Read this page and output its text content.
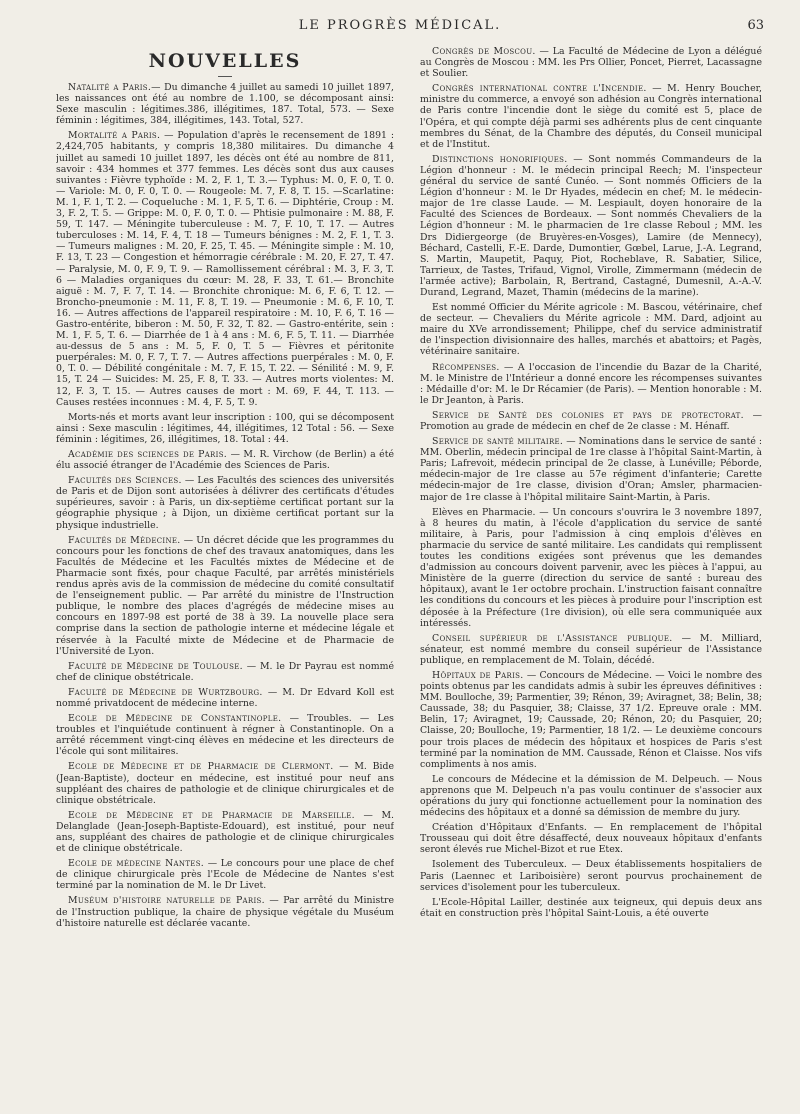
LE PROGRÈS MÉDICAL.	63
NOUVELLES

Natalité a Paris.— Du dimanche 4 juillet au samedi 10 juillet 1897, les naissances ont été au nombre de 1.100, se décomposant ainsi: Sexe masculin : légitimes.386, illégitimes, 187. Total, 573. — Sexe féminin : légitimes, 384, illégitimes, 143. Total, 527.

Mortalité a Paris. — Population d'après le recensement de 1891 : 2,424,705 habitants, y compris 18,380 militaires. Du dimanche 4 juillet au samedi 10 juillet 1897, les décès ont été au nombre de 811, savoir : 434 hommes et 377 femmes. Les décès sont dus aux causes suivantes : Fièvre typhoïde : M. 2, F. 1, T. 3.— Typhus: M. 0, F. 0, T. 0.— Variole: M. 0, F. 0, T. 0. — Rougeole: M. 7, F. 8, T. 15. —Scarlatine: M. 1, F. 1, T. 2. — Coqueluche : M. 1, F. 5, T. 6. — Diphtérie, Croup : M. 3, F. 2, T. 5. — Grippe: M. 0, F. 0, T. 0. — Phtisie pulmonaire : M. 88, F. 59, T. 147. — Méningite tuberculeuse : M. 7, F. 10, T. 17. — Autres tuberculoses : M. 14, F. 4, T. 18 — Tumeurs bénignes : M. 2, F. 1, T. 3. — Tumeurs malignes : M. 20, F. 25, T. 45. — Méningite simple : M. 10, F. 13, T. 23 — Congestion et hémorragie cérébrale : M. 20, F. 27, T. 47. — Paralysie, M. 0, F. 9, T. 9. — Ramollissement cérébral : M. 3, F. 3, T. 6 — Maladies organiques du cœur: M. 28, F. 33, T. 61.— Bronchite aiguë : M. 7, F. 7, T. 14. — Bronchite chronique: M. 6, F. 6, T. 12. — Broncho-pneumonie : M. 11, F. 8, T. 19. — Pneumonie : M. 6, F. 10, T. 16. — Autres affections de l'appareil respiratoire : M. 10, F. 6, T. 16 — Gastro-entérite, biberon : M. 50, F. 32, T. 82. — Gastro-entérite, sein : M. 1, F. 5, T. 6. — Diarrhée de 1 à 4 ans : M. 6, F. 5, T. 11. — Diarrhée au-dessus de 5 ans : M. 5, F. 0, T. 5 — Fièvres et péritonite puerpérales: M. 0, F. 7, T. 7. — Autres affections puerpérales : M. 0, F. 0, T. 0. — Débilité congénitale : M. 7, F. 15, T. 22. — Sénilité : M. 9, F. 15, T. 24 — Suicides: M. 25, F. 8, T. 33. — Autres morts violentes: M. 12, F. 3, T. 15. — Autres causes de mort : M. 69, F. 44, T. 113. — Causes restées inconnues : M. 4, F. 5, T. 9.

Morts-nés et morts avant leur inscription : 100, qui se décomposent ainsi : Sexe masculin : légitimes, 44, illégitimes, 12 Total : 56. — Sexe féminin : légitimes, 26, illégitimes, 18. Total : 44.

Académie des sciences de Paris. — M. R. Virchow (de Berlin) a été élu associé étranger de l'Académie des Sciences de Paris.

Facultés des Sciences. — Les Facultés des sciences des universités de Paris et de Dijon sont autorisées à délivrer des certificats d'études supérieures, savoir : à Paris, un dix-septième certificat portant sur la géographie physique ; à Dijon, un dixième certificat portant sur la physique industrielle.

Facultés de Médecine. — Un décret décide que les programmes du concours pour les fonctions de chef des travaux anatomiques, dans les Facultés de Médecine et les Facultés mixtes de Médecine et de Pharmacie sont fixés, pour chaque Faculté, par arrêtés ministériels rendus après avis de la commission de médecine du comité consultatif de l'enseignement public. — Par arrêté du ministre de l'Instruction publique, le nombre des places d'agrégés de médecine mises au concours en 1897-98 est porté de 38 à 39. La nouvelle place sera comprise dans la section de pathologie interne et médecine légale et réservée à la Faculté mixte de Médecine et de Pharmacie de l'Université de Lyon.

Faculté de Médecine de Toulouse. — M. le Dr Payrau est nommé chef de clinique obstétricale.

Faculté de Médecine de Wurtzbourg. — M. Dr Edvard Koll est nommé privatdocent de médecine interne.

Ecole de Médecine de Constantinople. — Troubles. — Les troubles et l'inquiétude continuent à régner à Constantinople. On a arrêté récemment vingt-cinq élèves en médecine et les directeurs de l'école qui sont militaires.

Ecole de Médecine et de Pharmacie de Clermont. — M. Bide (Jean-Baptiste), docteur en médecine, est institué pour neuf ans suppléant des chaires de pathologie et de clinique chirurgicales et de clinique obstétricale.

Ecole de Médecine et de Pharmacie de Marseille. — M. Delanglade (Jean-Joseph-Baptiste-Edouard), est institué, pour neuf ans, suppléant des chaires de pathologie et de clinique chirurgicales et de clinique obstétricale.

Ecole de médecine Nantes. — Le concours pour une place de chef de clinique chirurgicale près l'Ecole de Médecine de Nantes s'est terminé par la nomination de M. le Dr Livet.

Muséum d'histoire naturelle de Paris. — Par arrêté du Ministre de l'Instruction publique, la chaire de physique végétale du Muséum d'histoire naturelle est déclarée vacante.

Congrès de Moscou. — La Faculté de Médecine de Lyon a délégué au Congrès de Moscou : MM. les Prs Ollier, Poncet, Pierret, Lacassagne et Soulier.

Congrès international contre l'Incendie. — M. Henry Boucher, ministre du commerce, a envoyé son adhésion au Congrès international de Paris contre l'incendie dont le siège du comité est 5, place de l'Opéra, et qui compte déjà parmi ses adhérents plus de cent cinquante membres du Sénat, de la Chambre des députés, du Conseil municipal et de l'Institut.

Distinctions honorifiques. — Sont nommés Commandeurs de la Légion d'honneur : M. le médecin principal Reech; M. l'inspecteur général du service de santé Cunéo. — Sont nommés Officiers de la Légion d'honneur : M. le Dr Hyades, médecin en chef; M. le médecin-major de 1re classe Laude. — M. Lespiault, doyen honoraire de la Faculté des Sciences de Bordeaux. — Sont nommés Chevaliers de la Légion d'honneur : M. le pharmacien de 1re classe Reboul ; MM. les Drs Didiergeorge (de Bruyères-en-Vosges), Lamire (de Mennecy), Béchard, Castelli, F.-E. Darde, Dumontier, Gœbel, Larue, J.-A. Legrand, S. Martin, Maupetit, Paquy, Piot, Rocheblave, R. Sabatier, Silice, Tarrieux, de Tastes, Trifaud, Vignol, Virolle, Zimmermann (médecin de l'armée active); Barbolain, R, Bertrand, Castagné, Dumesnil, A.-A.-V. Durand, Legrand, Mazet, Thamin (médecins de la marine).

Est nommé Officier du Mérite agricole : M. Bascou, vétérinaire, chef de secteur. — Chevaliers du Mérite agricole : MM. Dard, adjoint au maire du XVe arrondissement; Philippe, chef du service administratif de l'inspection divisionnaire des halles, marchés et abattoirs; et Pagès, vétérinaire sanitaire.

Récompenses. — A l'occasion de l'incendie du Bazar de la Charité, M. le Ministre de l'Intérieur a donné encore les récompenses suivantes : Médaille d'or: M. le Dr Récamier (de Paris). — Mention honorable : M. le Dr Jeanton, à Paris.

Service de Santé des colonies et pays de protectorat. — Promotion au grade de médecin en chef de 2e classe : M. Hénaff.

Service de santé militaire. — Nominations dans le service de santé : MM. Oberlin, médecin principal de 1re classe à l'hôpital Saint-Martin, à Paris; Lafrevoit, médecin principal de 2e classe, à Lunéville; Péborde, médecin-major de 1re classe au 57e régiment d'infanterie; Carette médecin-major de 1re classe, division d'Oran; Amsler, pharmacien-major de 1re classe à l'hôpital militaire Saint-Martin, à Paris.

Elèves en Pharmacie. — Un concours s'ouvrira le 3 novembre 1897, à 8 heures du matin, à l'école d'application du service de santé militaire, à Paris, pour l'admission à cinq emplois d'élèves en pharmacie du service de santé militaire. Les candidats qui remplissent toutes les conditions exigées sont prévenus que les demandes d'admission au concours doivent parvenir, avec les pièces à l'appui, au Ministère de la guerre (direction du service de santé : bureau des hôpitaux), avant le 1er octobre prochain. L'instruction faisant connaître les conditions du concours et les pièces à produire pour l'inscription est déposée à la Préfecture (1re division), où elle sera communiquée aux intéressés.

Conseil supérieur de l'Assistance publique. — M. Milliard, sénateur, est nommé membre du conseil supérieur de l'Assistance publique, en remplacement de M. Tolain, décédé.

Hôpitaux de Paris. — Concours de Médecine. — Voici le nombre des points obtenus par les candidats admis à subir les épreuves définitives : MM. Boulloche, 39; Parmentier, 39; Rénon, 39; Aviragnet, 38; Belin, 38; Caussade, 38; du Pasquier, 38; Claisse, 37 1/2. Epreuve orale : MM. Belin, 17; Aviragnet, 19; Caussade, 20; Rénon, 20; du Pasquier, 20; Claisse, 20; Boulloche, 19; Parmentier, 18 1/2. — Le deuxième concours pour trois places de médecin des hôpitaux et hospices de Paris s'est terminé par la nomination de MM. Caussade, Rénon et Claisse. Nos vifs compliments à nos amis.

Le concours de Médecine et la démission de M. Delpeuch. — Nous apprenons que M. Delpeuch n'a pas voulu continuer de s'associer aux opérations du jury qui fonctionne actuellement pour la nomination des médecins des hôpitaux et a donné sa démission de membre du jury.

Création d'Hôpitaux d'Enfants. — En remplacement de l'hôpital Trousseau qui doit être désaffecté, deux nouveaux hôpitaux d'enfants seront élevés rue Michel-Bizot et rue Etex.

Isolement des Tuberculeux. — Deux établissements hospitaliers de Paris (Laennec et Lariboisière) seront pourvus prochainement de services d'isolement pour les tuberculeux.

L'Ecole-Hôpital Lailler, destinée aux teigneux, qui depuis deux ans était en construction près l'hôpital Saint-Louis, a été ouverte
